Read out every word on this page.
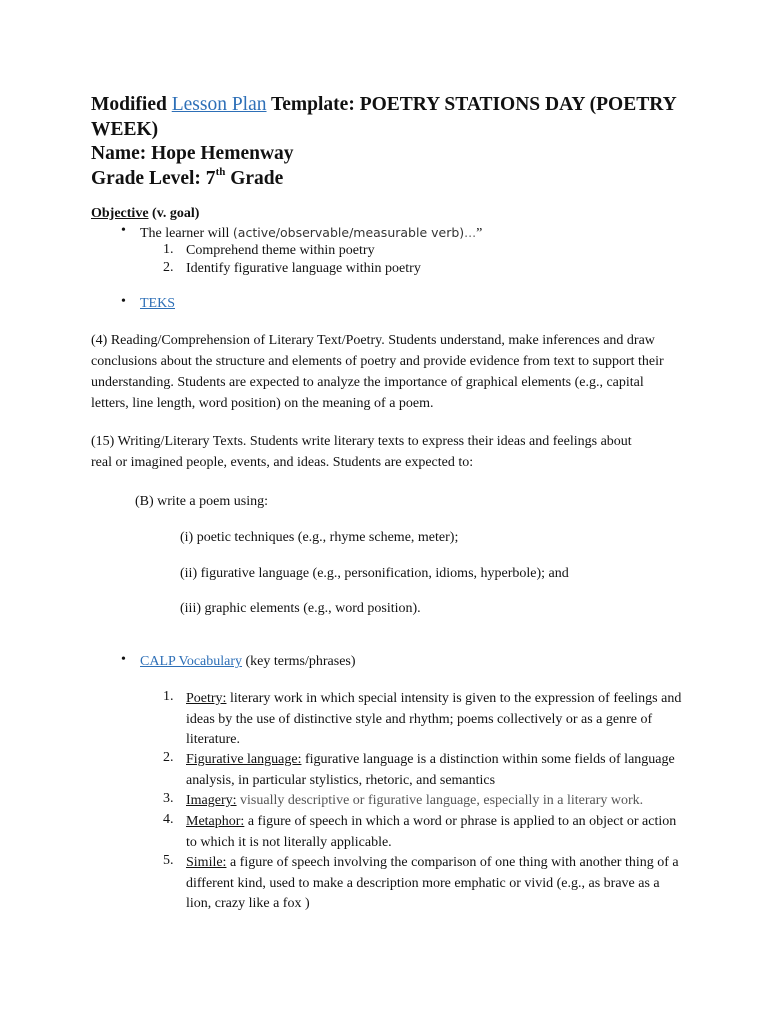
Modified Lesson Plan Template: POETRY STATIONS DAY (POETRY WEEK)
Name: Hope Hemenway
Grade Level: 7th Grade
Objective (v. goal)
• The learner will (active/observable/measurable verb)...”
1. Comprehend theme within poetry
2. Identify figurative language within poetry
• TEKS
(4) Reading/Comprehension of Literary Text/Poetry. Students understand, make inferences and draw conclusions about the structure and elements of poetry and provide evidence from text to support their understanding. Students are expected to analyze the importance of graphical elements (e.g., capital letters, line length, word position) on the meaning of a poem.
(15) Writing/Literary Texts. Students write literary texts to express their ideas and feelings about real or imagined people, events, and ideas. Students are expected to:
(B) write a poem using:
(i) poetic techniques (e.g., rhyme scheme, meter);
(ii) figurative language (e.g., personification, idioms, hyperbole); and
(iii) graphic elements (e.g., word position).
• CALP Vocabulary (key terms/phrases)
1. Poetry: literary work in which special intensity is given to the expression of feelings and ideas by the use of distinctive style and rhythm; poems collectively or as a genre of literature.
2. Figurative language: figurative language is a distinction within some fields of language analysis, in particular stylistics, rhetoric, and semantics
3. Imagery: visually descriptive or figurative language, especially in a literary work.
4. Metaphor: a figure of speech in which a word or phrase is applied to an object or action to which it is not literally applicable.
5. Simile: a figure of speech involving the comparison of one thing with another thing of a different kind, used to make a description more emphatic or vivid (e.g., as brave as a lion, crazy like a fox )
